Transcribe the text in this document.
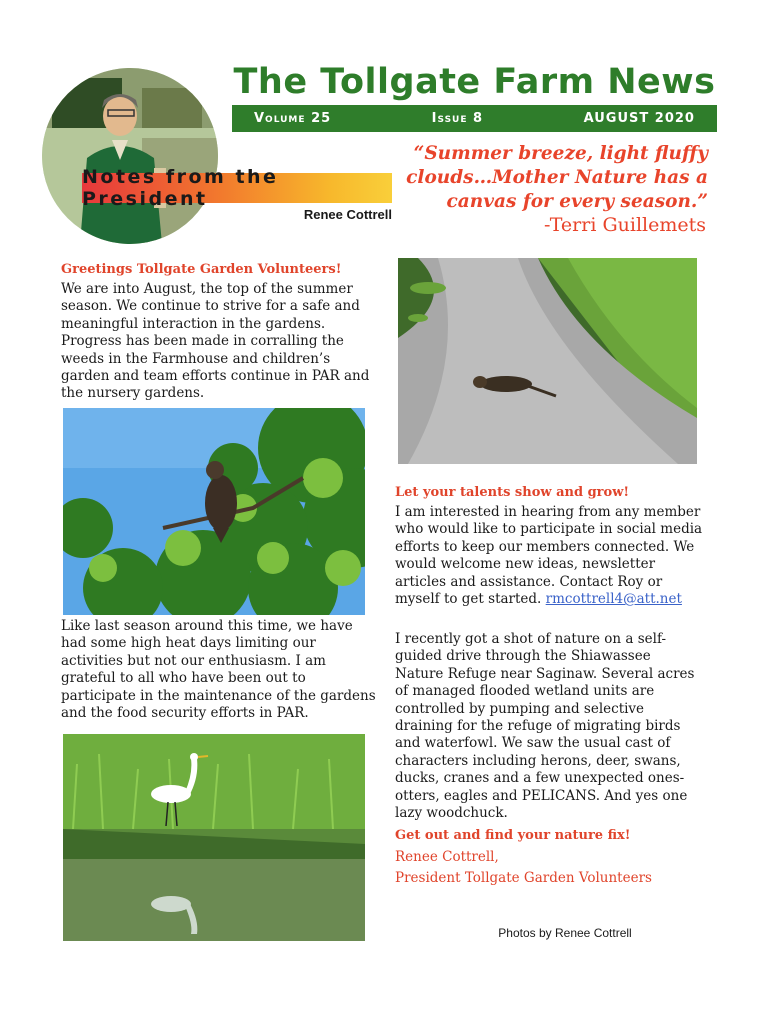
The Tollgate Farm News
Volume 25	Issue 8	AUGUST 2020
Notes from the President
Renee Cottrell
“Summer breeze, light fluffy clouds…Mother Nature has a canvas for every season.”
-Terri Guillemets
Greetings Tollgate Garden Volunteers!
We are into August, the top of the summer season. We continue to strive for a safe and meaningful interaction in the gardens. Progress has been made in corralling the weeds in the Farmhouse and children’s garden and team efforts continue in PAR and the nursery gardens.
Like last season around this time, we have had some high heat days limiting our activities but not our enthusiasm. I am grateful to all who have been out to participate in the maintenance of the gardens and the food security efforts in PAR.
Let your talents show and grow!
I am interested in hearing from any member who would like to participate in social media efforts to keep our members connected. We would welcome new ideas, newsletter articles and assistance. Contact Roy or myself to get started. rmcottrell4@att.net
I recently got a shot of nature on a self-guided drive through the Shiawassee Nature Refuge near Saginaw. Several acres of managed flooded wetland units are controlled by pumping and selective draining for the refuge of migrating birds and waterfowl. We saw the usual cast of characters including herons, deer, swans, ducks, cranes and a few unexpected ones- otters, eagles and PELICANS. And yes one lazy woodchuck.
Get out and find your nature fix!
Renee Cottrell,
President Tollgate Garden Volunteers
Photos by Renee Cottrell
